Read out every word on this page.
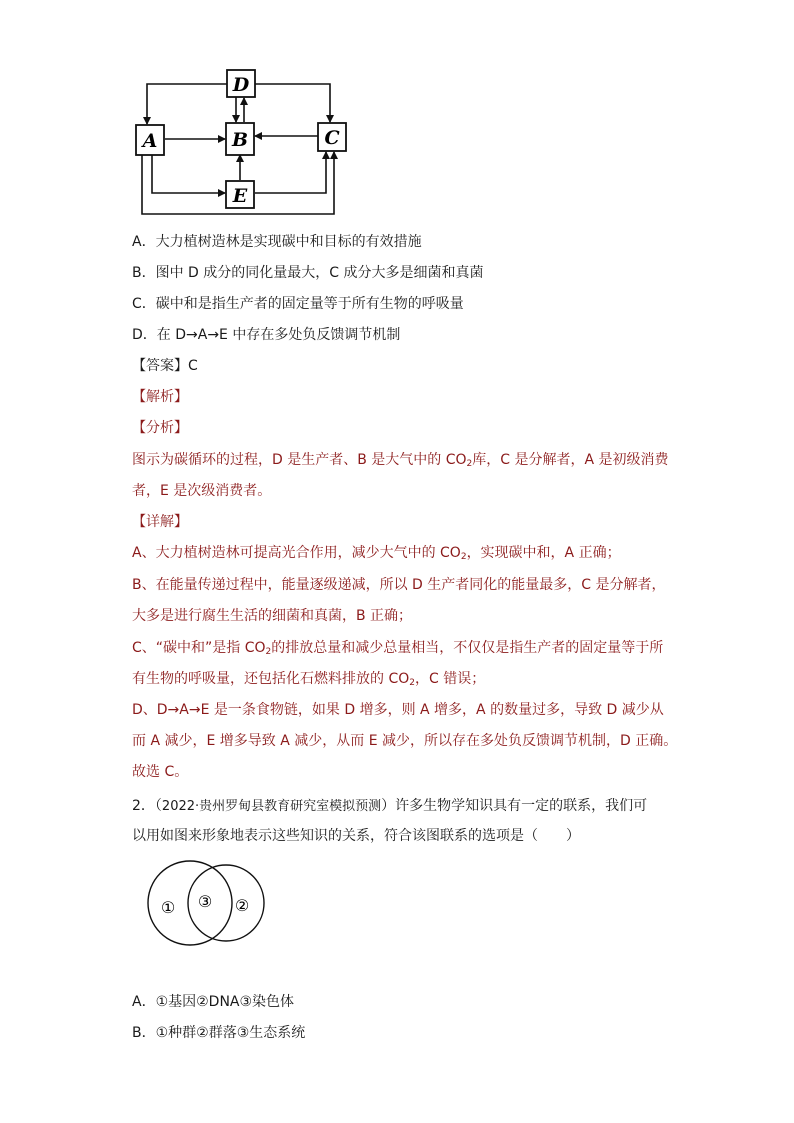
D
A	B	C
E
A．大力植树造林是实现碳中和目标的有效措施
B．图中 D 成分的同化量最大，C 成分大多是细菌和真菌
C．碳中和是指生产者的固定量等于所有生物的呼吸量
D．在 D→A→E 中存在多处负反馈调节机制
【答案】C
【解析】
【分析】
图示为碳循环的过程，D 是生产者、B 是大气中的 $CO_2$库，C 是分解者，A 是初级消费
者，E 是次级消费者。
【详解】
A、大力植树造林可提高光合作用，减少大气中的 $CO_2$，实现碳中和，A 正确；
B、在能量传递过程中，能量逐级递减，所以 D 生产者同化的能量最多，C 是分解者，
大多是进行腐生生活的细菌和真菌，B 正确；
C、“碳中和”是指 $CO_2$的排放总量和减少总量相当，不仅仅是指生产者的固定量等于所
有生物的呼吸量，还包括化石燃料排放的 $CO_2$，C 错误；
D、D→A→E 是一条食物链，如果 D 增多，则 A 增多，A 的数量过多，导致 D 减少从
而 A 减少，E 增多导致 A 减少，从而 E 减少，所以存在多处负反馈调节机制，D 正确。
故选 C。
2．（2022·贵州罗甸县教育研究室模拟预测）许多生物学知识具有一定的联系，我们可
以用如图来形象地表示这些知识的关系，符合该图联系的选项是（　　）
① ③ ②
A．①基因②DNA③染色体
B．①种群②群落③生态系统
